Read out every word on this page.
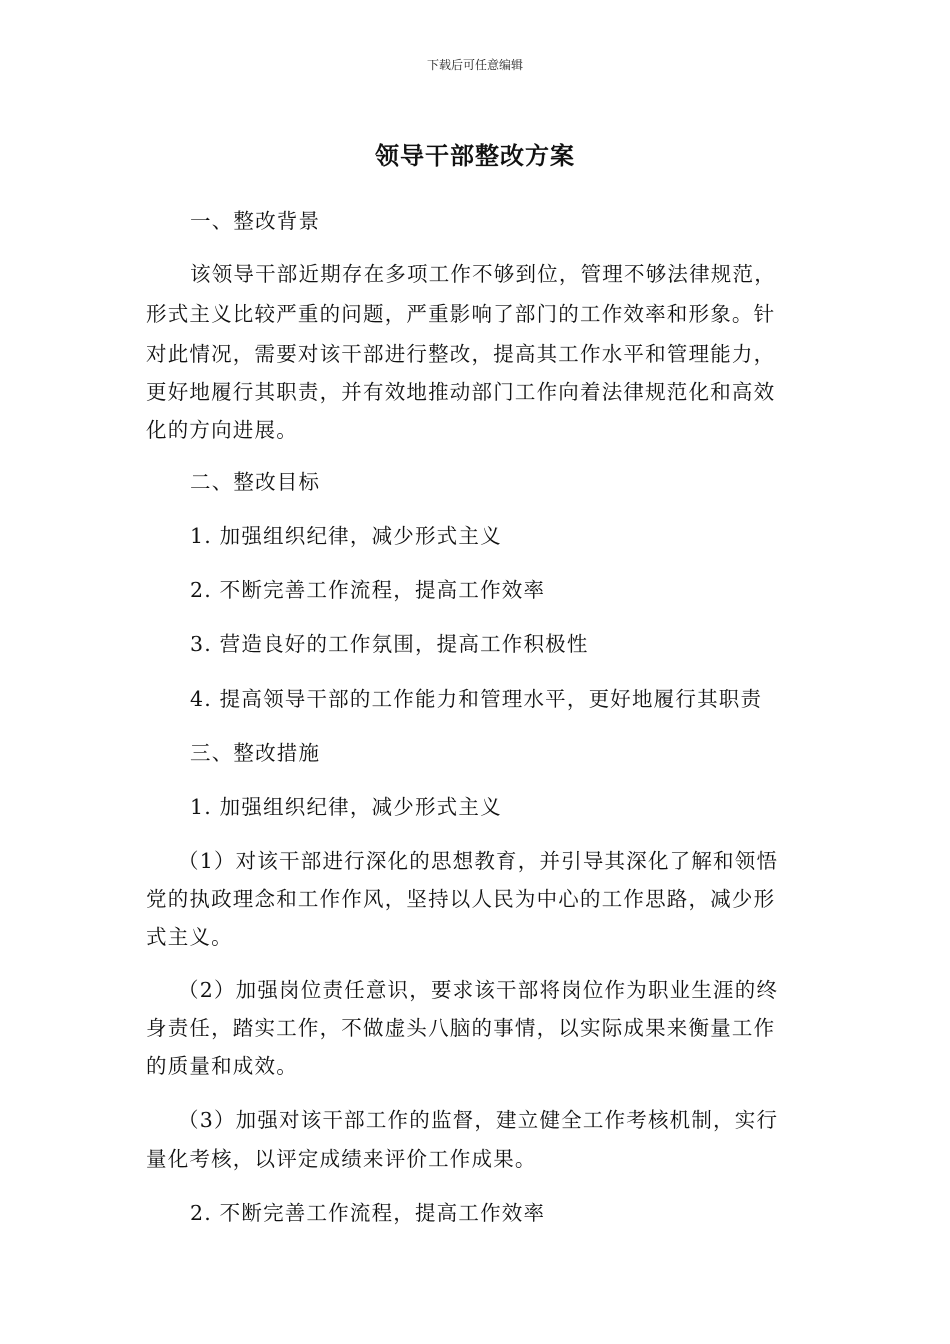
下载后可任意编辑
领导干部整改方案
一、整改背景
该领导干部近期存在多项工作不够到位，管理不够法律规范，
形式主义比较严重的问题，严重影响了部门的工作效率和形象。针
对此情况，需要对该干部进行整改，提高其工作水平和管理能力，
更好地履行其职责，并有效地推动部门工作向着法律规范化和高效
化的方向进展。
二、整改目标
1. 加强组织纪律，减少形式主义
2. 不断完善工作流程，提高工作效率
3. 营造良好的工作氛围，提高工作积极性
4. 提高领导干部的工作能力和管理水平，更好地履行其职责
三、整改措施
1. 加强组织纪律，减少形式主义
（1）对该干部进行深化的思想教育，并引导其深化了解和领悟
党的执政理念和工作作风，坚持以人民为中心的工作思路，减少形
式主义。
（2）加强岗位责任意识，要求该干部将岗位作为职业生涯的终
身责任，踏实工作，不做虚头八脑的事情，以实际成果来衡量工作
的质量和成效。
（3）加强对该干部工作的监督，建立健全工作考核机制，实行
量化考核，以评定成绩来评价工作成果。
2. 不断完善工作流程，提高工作效率
